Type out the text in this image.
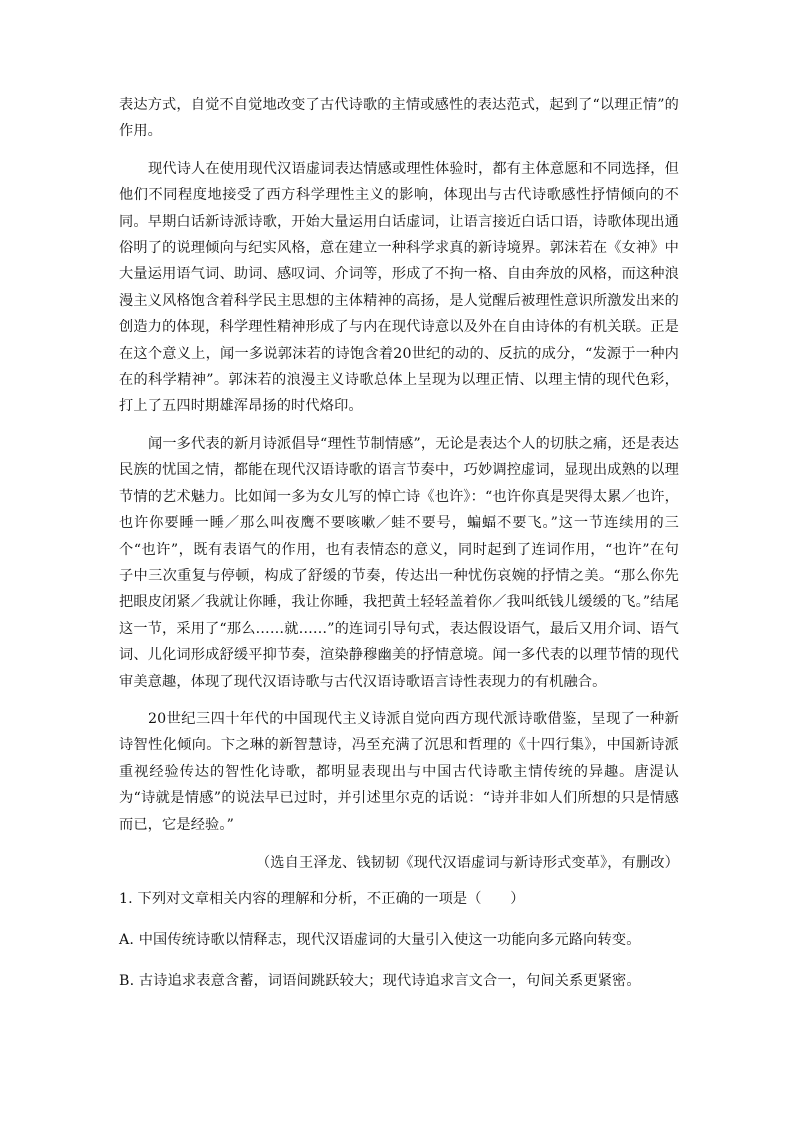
表达方式，自觉不自觉地改变了古代诗歌的主情或感性的表达范式，起到了“以理正情”的作用。

现代诗人在使用现代汉语虚词表达情感或理性体验时，都有主体意愿和不同选择，但他们不同程度地接受了西方科学理性主义的影响，体现出与古代诗歌感性抒情倾向的不同。早期白话新诗派诗歌，开始大量运用白话虚词，让语言接近白话口语，诗歌体现出通俗明了的说理倾向与纪实风格，意在建立一种科学求真的新诗境界。郭沫若在《女神》中大量运用语气词、助词、感叹词、介词等，形成了不拘一格、自由奔放的风格，而这种浪漫主义风格饱含着科学民主思想的主体精神的高扬，是人觉醒后被理性意识所激发出来的创造力的体现，科学理性精神形成了与内在现代诗意以及外在自由诗体的有机关联。正是在这个意义上，闻一多说郭沫若的诗饱含着20世纪的动的、反抗的成分，“发源于一种内在的科学精神”。郭沫若的浪漫主义诗歌总体上呈现为以理正情、以理主情的现代色彩，打上了五四时期雄浑昂扬的时代烙印。

闻一多代表的新月诗派倡导“理性节制情感”，无论是表达个人的切肤之痛，还是表达民族的忧国之情，都能在现代汉语诗歌的语言节奏中，巧妙调控虚词，显现出成熟的以理节情的艺术魅力。比如闻一多为女儿写的悼亡诗《也许》：“也许你真是哭得太累／也许，也许你要睡一睡／那么叫夜鹰不要咳嗽／蛙不要号，蝙蝠不要飞。”这一节连续用的三个“也许”，既有表语气的作用，也有表情态的意义，同时起到了连词作用，“也许”在句子中三次重复与停顿，构成了舒缓的节奏，传达出一种忧伤哀婉的抒情之美。“那么你先把眼皮闭紧／我就让你睡，我让你睡，我把黄土轻轻盖着你／我叫纸钱儿缓缓的飞。”结尾这一节，采用了“那么……就……”的连词引导句式，表达假设语气，最后又用介词、语气词、儿化词形成舒缓平抑节奏，渲染静穆幽美的抒情意境。闻一多代表的以理节情的现代审美意趣，体现了现代汉语诗歌与古代汉语诗歌语言诗性表现力的有机融合。

20世纪三四十年代的中国现代主义诗派自觉向西方现代派诗歌借鉴，呈现了一种新诗智性化倾向。卞之琳的新智慧诗，冯至充满了沉思和哲理的《十四行集》，中国新诗派重视经验传达的智性化诗歌，都明显表现出与中国古代诗歌主情传统的异趣。唐湜认为“诗就是情感”的说法早已过时，并引述里尔克的话说：“诗并非如人们所想的只是情感而已，它是经验。”

（选自王泽龙、钱韧韧《现代汉语虚词与新诗形式变革》，有删改）
1. 下列对文章相关内容的理解和分析，不正确的一项是（　　）
A. 中国传统诗歌以情释志，现代汉语虚词的大量引入使这一功能向多元路向转变。
B. 古诗追求表意含蓄，词语间跳跃较大；现代诗追求言文合一，句间关系更紧密。
